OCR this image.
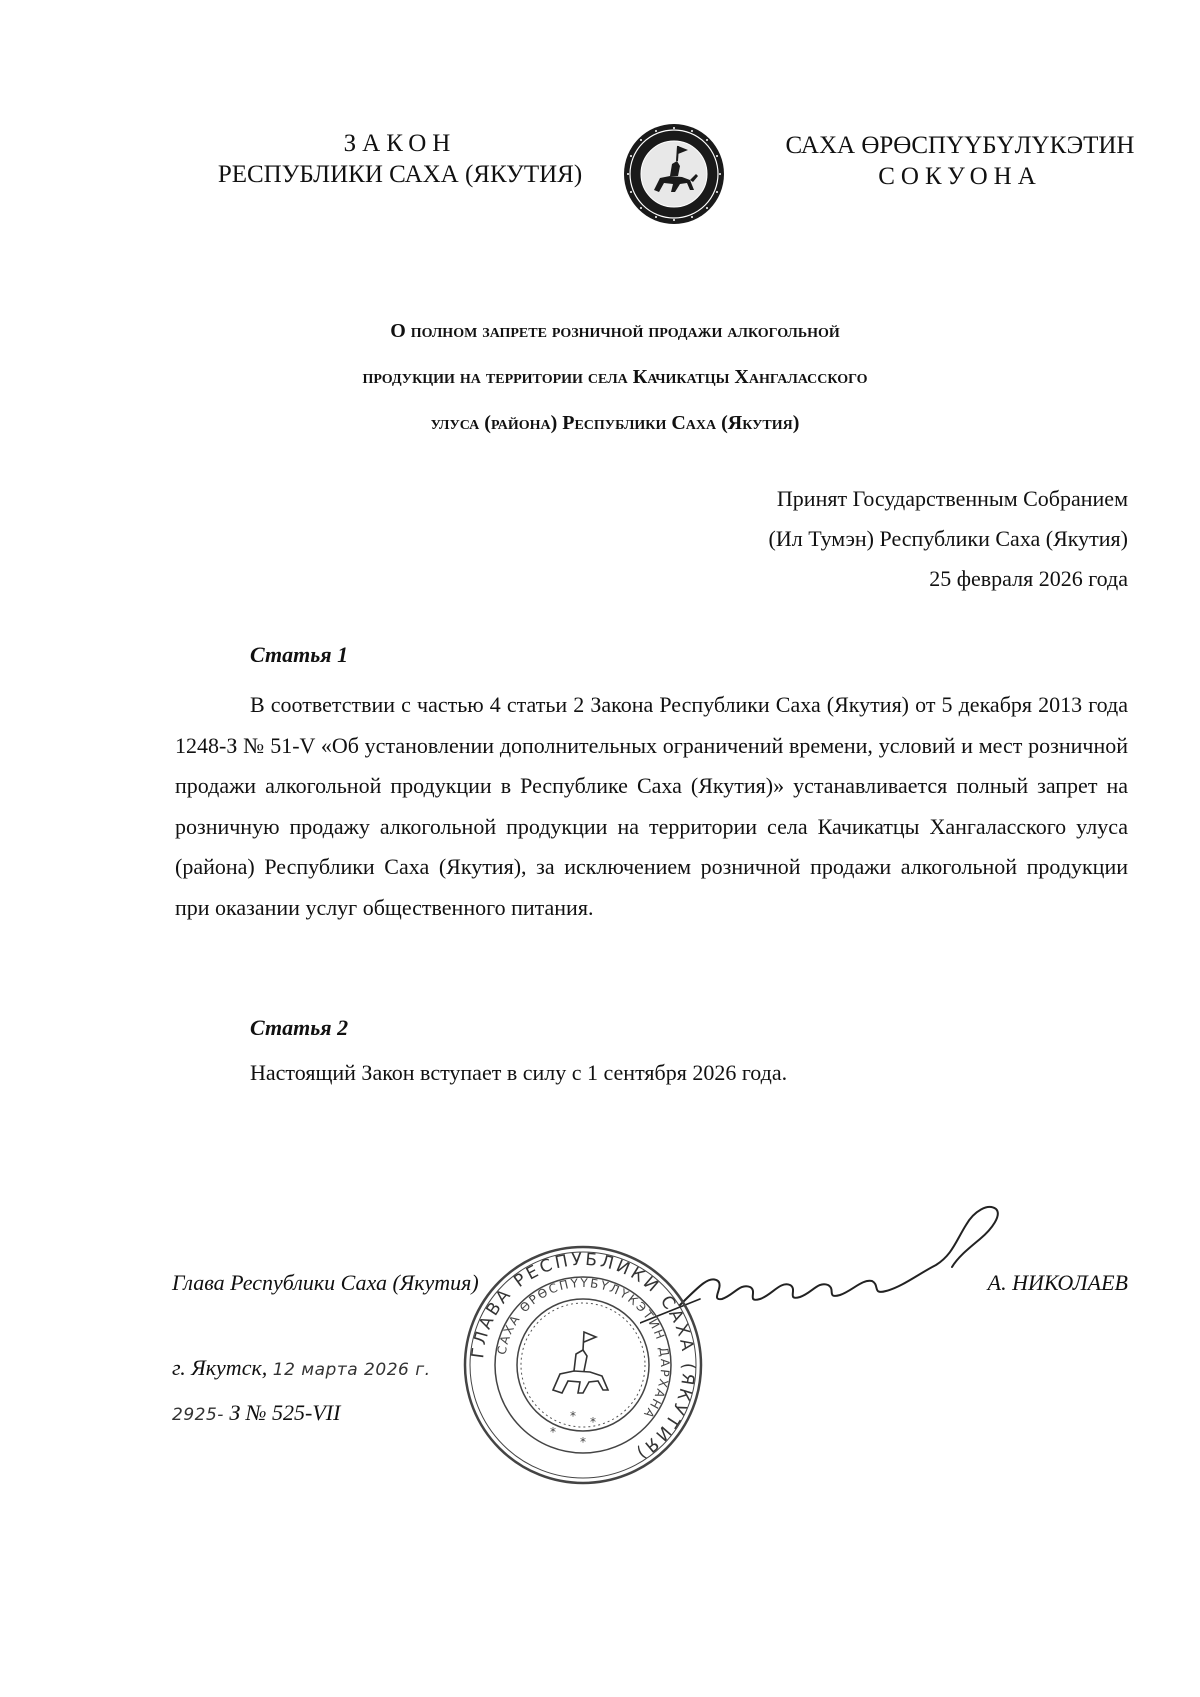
ЗАКОН
РЕСПУБЛИКИ САХА (ЯКУТИЯ)
САХА ӨРӨСПҮҮБҮЛҮКЭТИН
СОКУОНА
О полном запрете розничной продажи алкогольной
продукции на территории села Качикатцы Хангаласского
улуса (района) Республики Саха (Якутия)
Принят Государственным Собранием
(Ил Тумэн) Республики Саха (Якутия)
25 февраля 2026 года
Статья 1
В соответствии с частью 4 статьи 2 Закона Республики Саха (Якутия) от 5 декабря 2013 года 1248-З № 51-V «Об установлении дополнительных ограничений времени, условий и мест розничной продажи алкогольной продукции в Республике Саха (Якутия)» устанавливается полный запрет на розничную продажу алкогольной продукции на территории села Качикатцы Хангаласского улуса (района) Республики Саха (Якутия), за исключением розничной продажи алкогольной продукции при оказании услуг общественного питания.
Статья 2
Настоящий Закон вступает в силу с 1 сентября 2026 года.
Глава Республики Саха (Якутия)	А. НИКОЛАЕВ
г. Якутск, 12 марта 2026 г.
2925- З № 525-VII
ГЛАВА РЕСПУБЛИКИ САХА (ЯКУТИЯ)
САХА ӨРӨСПҮҮБҮЛҮКЭТИН ДАРХАНА
* *
*
*
